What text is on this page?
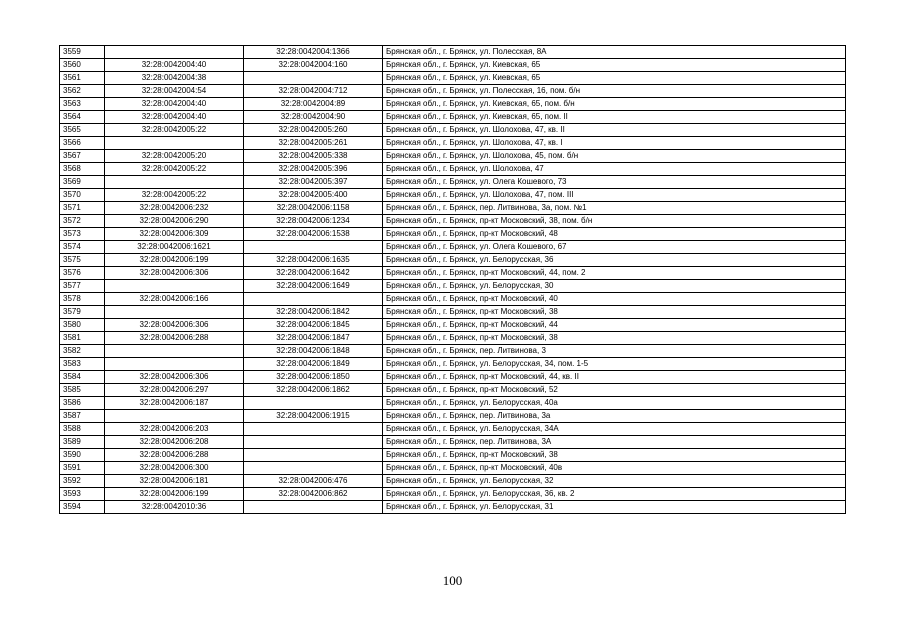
3559		32:28:0042004:1366	Брянская обл., г. Брянск, ул. Полесская, 8А
3560	32:28:0042004:40	32:28:0042004:160	Брянская обл., г. Брянск, ул. Киевская, 65
3561	32:28:0042004:38		Брянская обл., г. Брянск, ул. Киевская, 65
3562	32:28:0042004:54	32:28:0042004:712	Брянская обл., г. Брянск, ул. Полесская, 16, пом. б/н
3563	32:28:0042004:40	32:28:0042004:89	Брянская обл., г. Брянск, ул. Киевская, 65, пом. б/н
3564	32:28:0042004:40	32:28:0042004:90	Брянская обл., г. Брянск, ул. Киевская, 65, пом. II
3565	32:28:0042005:22	32:28:0042005:260	Брянская обл., г. Брянск, ул. Шолохова, 47, кв. II
3566		32:28:0042005:261	Брянская обл., г. Брянск, ул. Шолохова, 47, кв. I
3567	32:28:0042005:20	32:28:0042005:338	Брянская обл., г. Брянск, ул. Шолохова, 45, пом. б/н
3568	32:28:0042005:22	32:28:0042005:396	Брянская обл., г. Брянск, ул. Шолохова, 47
3569		32:28:0042005:397	Брянская обл., г. Брянск, ул. Олега Кошевого, 73
3570	32:28:0042005:22	32:28:0042005:400	Брянская обл., г. Брянск, ул. Шолохова, 47, пом. III
3571	32:28:0042006:232	32:28:0042006:1158	Брянская обл., г. Брянск, пер. Литвинова, 3а, пом. №1
3572	32:28:0042006:290	32:28:0042006:1234	Брянская обл., г. Брянск, пр-кт Московский, 38, пом. б/н
3573	32:28:0042006:309	32:28:0042006:1538	Брянская обл., г. Брянск, пр-кт Московский, 48
3574	32:28:0042006:1621		Брянская обл., г. Брянск, ул. Олега Кошевого, 67
3575	32:28:0042006:199	32:28:0042006:1635	Брянская обл., г. Брянск, ул. Белорусская, 36
3576	32:28:0042006:306	32:28:0042006:1642	Брянская обл., г. Брянск, пр-кт Московский, 44, пом. 2
3577		32:28:0042006:1649	Брянская обл., г. Брянск, ул. Белорусская, 30
3578	32:28:0042006:166		Брянская обл., г. Брянск, пр-кт Московский, 40
3579		32:28:0042006:1842	Брянская обл., г. Брянск, пр-кт Московский, 38
3580	32:28:0042006:306	32:28:0042006:1845	Брянская обл., г. Брянск, пр-кт Московский, 44
3581	32:28:0042006:288	32:28:0042006:1847	Брянская обл., г. Брянск, пр-кт Московский, 38
3582		32:28:0042006:1848	Брянская обл., г. Брянск, пер. Литвинова, 3
3583		32:28:0042006:1849	Брянская обл., г. Брянск, ул. Белорусская, 34, пом. 1-5
3584	32:28:0042006:306	32:28:0042006:1850	Брянская обл., г. Брянск, пр-кт Московский, 44, кв. II
3585	32:28:0042006:297	32:28:0042006:1862	Брянская обл., г. Брянск, пр-кт Московский, 52
3586	32:28:0042006:187		Брянская обл., г. Брянск, ул. Белорусская, 40а
3587		32:28:0042006:1915	Брянская обл., г. Брянск, пер. Литвинова, 3а
3588	32:28:0042006:203		Брянская обл., г. Брянск, ул. Белорусская, 34А
3589	32:28:0042006:208		Брянская обл., г. Брянск, пер. Литвинова, 3А
3590	32:28:0042006:288		Брянская обл., г. Брянск, пр-кт Московский, 38
3591	32:28:0042006:300		Брянская обл., г. Брянск, пр-кт Московский, 40в
3592	32:28:0042006:181	32:28:0042006:476	Брянская обл., г. Брянск, ул. Белорусская, 32
3593	32:28:0042006:199	32:28:0042006:862	Брянская обл., г. Брянск, ул. Белорусская, 36, кв. 2
3594	32:28:0042010:36		Брянская обл., г. Брянск, ул. Белорусская, 31
100
